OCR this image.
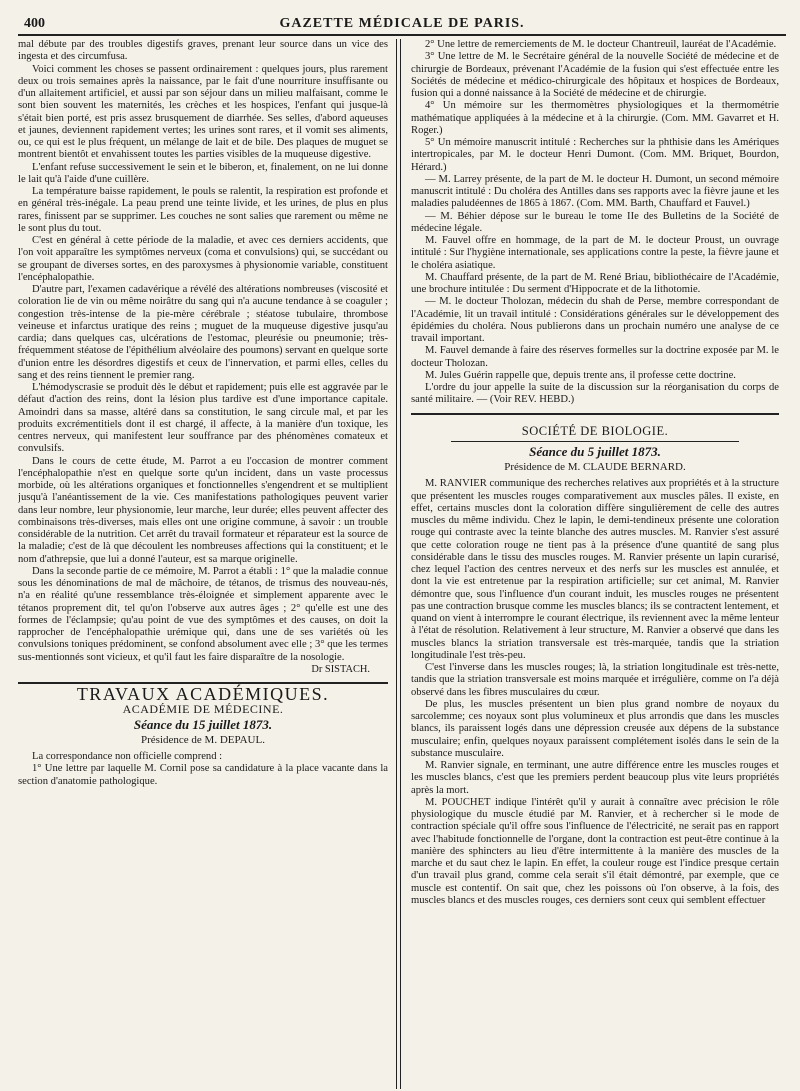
400	GAZETTE MÉDICALE DE PARIS.

mal débute par des troubles digestifs graves, prenant leur source dans un vice des ingesta et des circumfusa.

Voici comment les choses se passent ordinairement : quelques jours, plus rarement deux ou trois semaines après la naissance, par le fait d'une nourriture insuffisante ou d'un allaitement artificiel, et aussi par son séjour dans un milieu malfaisant, comme le sont bien souvent les maternités, les crèches et les hospices, l'enfant qui jusque-là s'était bien porté, est pris assez brusquement de diarrhée. Ses selles, d'abord aqueuses et jaunes, deviennent rapidement vertes; les urines sont rares, et il vomit ses aliments, ou, ce qui est le plus fréquent, un mélange de lait et de bile. Des plaques de muguet se montrent bientôt et envahissent toutes les parties visibles de la muqueuse digestive.

L'enfant refuse successivement le sein et le biberon, et, finalement, on ne lui donne le lait qu'à l'aide d'une cuillère.

La température baisse rapidement, le pouls se ralentit, la respiration est profonde et en général très-inégale. La peau prend une teinte livide, et les urines, de plus en plus rares, finissent par se supprimer. Les couches ne sont salies que rarement ou même ne le sont plus du tout.

C'est en général à cette période de la maladie, et avec ces derniers accidents, que l'on voit apparaître les symptômes nerveux (coma et convulsions) qui, se succédant ou se groupant de diverses sortes, en des paroxysmes à physionomie variable, constituent l'encéphalopathie.

D'autre part, l'examen cadavérique a révélé des altérations nombreuses (viscosité et coloration lie de vin ou même noirâtre du sang qui n'a aucune tendance à se coaguler ; congestion très-intense de la pie-mère cérébrale ; stéatose tubulaire, thrombose veineuse et infarctus uratique des reins ; muguet de la muqueuse digestive jusqu'au cardia; dans quelques cas, ulcérations de l'estomac, pleurésie ou pneumonie; très-fréquemment stéatose de l'épithélium alvéolaire des poumons) servant en quelque sorte d'union entre les désordres digestifs et ceux de l'innervation, et parmi elles, celles du sang et des reins tiennent le premier rang.

L'hémodyscrasie se produit dès le début et rapidement; puis elle est aggravée par le défaut d'action des reins, dont la lésion plus tardive est d'une importance capitale. Amoindri dans sa masse, altéré dans sa constitution, le sang circule mal, et par les produits excrémentitiels dont il est chargé, il affecte, à la manière d'un toxique, les centres nerveux, qui manifestent leur souffrance par des phénomènes comateux et convulsifs.

Dans le cours de cette étude, M. Parrot a eu l'occasion de montrer comment l'encéphalopathie n'est en quelque sorte qu'un incident, dans un vaste processus morbide, où les altérations organiques et fonctionnelles s'engendrent et se multiplient jusqu'à l'anéantissement de la vie. Ces manifestations pathologiques peuvent varier dans leur nombre, leur physionomie, leur marche, leur durée; elles peuvent affecter des combinaisons très-diverses, mais elles ont une origine commune, à savoir : un trouble considérable de la nutrition. Cet arrêt du travail formateur et réparateur est la source de la maladie; c'est de là que découlent les nombreuses affections qui la constituent; et le nom d'athrepsie, que lui a donné l'auteur, est sa marque originelle.

Dans la seconde partie de ce mémoire, M. Parrot a établi : 1° que la maladie connue sous les dénominations de mal de mâchoire, de tétanos, de trismus des nouveau-nés, n'a en réalité qu'une ressemblance très-éloignée et simplement apparente avec le tétanos proprement dit, tel qu'on l'observe aux autres âges ; 2° qu'elle est une des formes de l'éclampsie; qu'au point de vue des symptômes et des causes, on doit la rapprocher de l'encéphalopathie urémique qui, dans une de ses variétés où les convulsions toniques prédominent, se confond absolument avec elle ; 3° que les termes sus-mentionnés sont vicieux, et qu'il faut les faire disparaître de la nosologie.

Dr SISTACH.
TRAVAUX ACADÉMIQUES.
ACADÉMIE DE MÉDECINE.
Séance du 15 juillet 1873.
Présidence de M. DEPAUL.

La correspondance non officielle comprend :

1° Une lettre par laquelle M. Cornil pose sa candidature à la place vacante dans la section d'anatomie pathologique.

2° Une lettre de remerciements de M. le docteur Chantreuil, lauréat de l'Académie.

3° Une lettre de M. le Secrétaire général de la nouvelle Société de médecine et de chirurgie de Bordeaux, prévenant l'Académie de la fusion qui s'est effectuée entre les Sociétés de médecine et médico-chirurgicale des hôpitaux et hospices de Bordeaux, fusion qui a donné naissance à la Société de médecine et de chirurgie.

4° Un mémoire sur les thermomètres physiologiques et la thermométrie mathématique appliquées à la médecine et à la chirurgie. (Com. MM. Gavarret et H. Roger.)

5° Un mémoire manuscrit intitulé : Recherches sur la phthisie dans les Amériques intertropicales, par M. le docteur Henri Dumont. (Com. MM. Briquet, Bourdon, Hérard.)

— M. Larrey présente, de la part de M. le docteur H. Dumont, un second mémoire manuscrit intitulé : Du choléra des Antilles dans ses rapports avec la fièvre jaune et les maladies paludéennes de 1865 à 1867. (Com. MM. Barth, Chauffard et Fauvel.)

— M. Béhier dépose sur le bureau le tome IIe des Bulletins de la Société de médecine légale.

M. Fauvel offre en hommage, de la part de M. le docteur Proust, un ouvrage intitulé : Sur l'hygiène internationale, ses applications contre la peste, la fièvre jaune et le choléra asiatique.

M. Chauffard présente, de la part de M. René Briau, bibliothécaire de l'Académie, une brochure intitulée : Du serment d'Hippocrate et de la lithotomie.

— M. le docteur Tholozan, médecin du shah de Perse, membre correspondant de l'Académie, lit un travail intitulé : Considérations générales sur le développement des épidémies du choléra. Nous publierons dans un prochain numéro une analyse de ce travail important.

M. Fauvel demande à faire des réserves formelles sur la doctrine exposée par M. le docteur Tholozan.

M. Jules Guérin rappelle que, depuis trente ans, il professe cette doctrine.

L'ordre du jour appelle la suite de la discussion sur la réorganisation du corps de santé militaire. — (Voir REV. HEBD.)

SOCIÉTÉ DE BIOLOGIE.
Séance du 5 juillet 1873.
Présidence de M. CLAUDE BERNARD.

M. RANVIER communique des recherches relatives aux propriétés et à la structure que présentent les muscles rouges comparativement aux muscles pâles. Il existe, en effet, certains muscles dont la coloration diffère singulièrement de celle des autres muscles du même individu. Chez le lapin, le demi-tendineux présente une coloration rouge qui contraste avec la teinte blanche des autres muscles. M. Ranvier s'est assuré que cette coloration rouge ne tient pas à la présence d'une quantité de sang plus considérable dans le tissu des muscles rouges. M. Ranvier présente un lapin curarisé, chez lequel l'action des centres nerveux et des nerfs sur les muscles est annulée, et dont la vie est entretenue par la respiration artificielle; sur cet animal, M. Ranvier démontre que, sous l'influence d'un courant induit, les muscles rouges ne présentent pas une contraction brusque comme les muscles blancs; ils se contractent lentement, et quand on vient à interrompre le courant électrique, ils reviennent avec la même lenteur à l'état de résolution. Relativement à leur structure, M. Ranvier a observé que dans les muscles blancs la striation transversale est très-marquée, tandis que la striation longitudinale l'est très-peu.

C'est l'inverse dans les muscles rouges; là, la striation longitudinale est très-nette, tandis que la striation transversale est moins marquée et irrégulière, comme on l'a déjà observé dans les fibres musculaires du cœur.

De plus, les muscles présentent un bien plus grand nombre de noyaux du sarcolemme; ces noyaux sont plus volumineux et plus arrondis que dans les muscles blancs, ils paraissent logés dans une dépression creusée aux dépens de la substance musculaire; enfin, quelques noyaux paraissent complétement isolés dans le sein de la substance musculaire.

M. Ranvier signale, en terminant, une autre différence entre les muscles rouges et les muscles blancs, c'est que les premiers perdent beaucoup plus vite leurs propriétés après la mort.

M. POUCHET indique l'intérêt qu'il y aurait à connaître avec précision le rôle physiologique du muscle étudié par M. Ranvier, et à rechercher si le mode de contraction spéciale qu'il offre sous l'influence de l'électricité, ne serait pas en rapport avec l'habitude fonctionnelle de l'organe, dont la contraction est peut-être continue à la manière des sphincters au lieu d'être intermittente à la manière des muscles de la marche et du saut chez le lapin. En effet, la couleur rouge est l'indice presque certain d'un travail plus grand, comme cela serait s'il était démontré, par exemple, que ce muscle est contentif. On sait que, chez les poissons où l'on observe, à la fois, des muscles blancs et des muscles rouges, ces derniers sont ceux qui semblent effectuer
